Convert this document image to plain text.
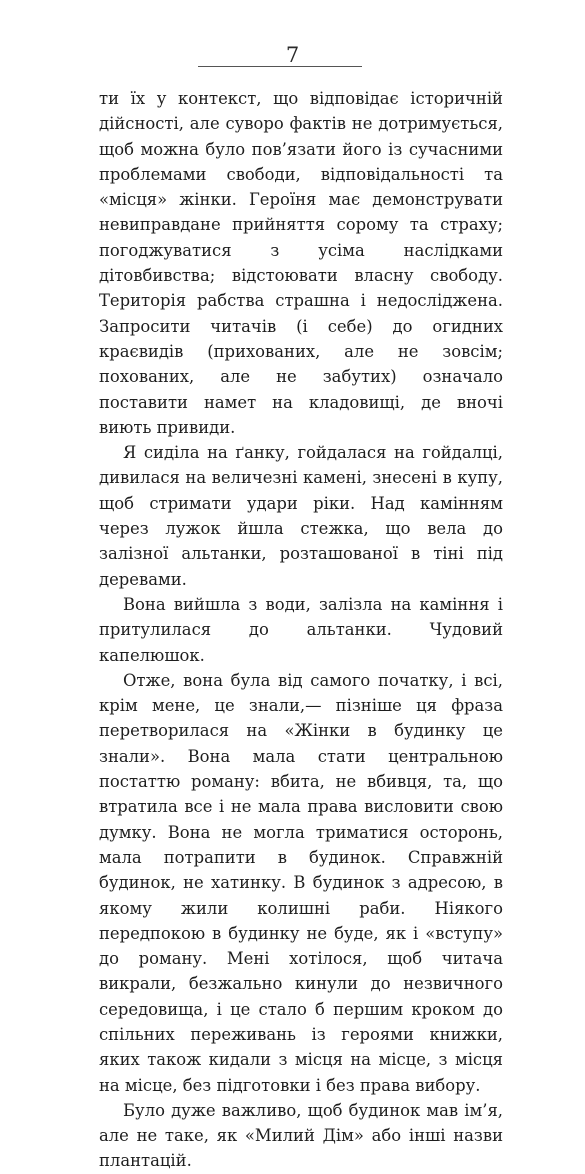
7

ти їх у контекст, що відповідає історичній дійсності, але суворо фактів не дотримується, щоб можна було пов’язати його із сучасними проблемами свободи, відповідальності та «місця» жінки. Героїня має демонструвати невиправдане прийняття сорому та страху; погоджуватися з усіма наслідками дітовбивства; відстоювати власну свободу. Територія рабства страшна і недосліджена. Запросити читачів (і себе) до огидних краєвидів (прихованих, але не зовсім; похованих, але не забутих) означало поставити намет на кладовищі, де вночі виють привиди.

Я сиділа на ґанку, гойдалася на гойдалці, дивилася на величезні камені, знесені в купу, щоб стримати удари ріки. Над камінням через лужок йшла стежка, що вела до залізної альтанки, розташованої в тіні під деревами.

Вона вийшла з води, залізла на каміння і притулилася до альтанки. Чудовий капелюшок.

Отже, вона була від самого початку, і всі, крім мене, це знали,— пізніше ця фраза перетворилася на «Жінки в будинку це знали». Вона мала стати центральною постаттю роману: вбита, не вбивця, та, що втратила все і не мала права висловити свою думку. Вона не могла триматися осторонь, мала потрапити в будинок. Справжній будинок, не хатинку. В будинок з адресою, в якому жили колишні раби. Ніякого передпокою в будинку не буде, як і «вступу» до роману. Мені хотілося, щоб читача викрали, безжально кинули до незвичного середовища, і це стало б першим кроком до спільних переживань із героями книжки, яких також кидали з місця на місце, з місця на місце, без підготовки і без права вибору.

Було дуже важливо, щоб будинок мав ім’я, але не таке, як «Милий Дім» або інші назви плантацій.
